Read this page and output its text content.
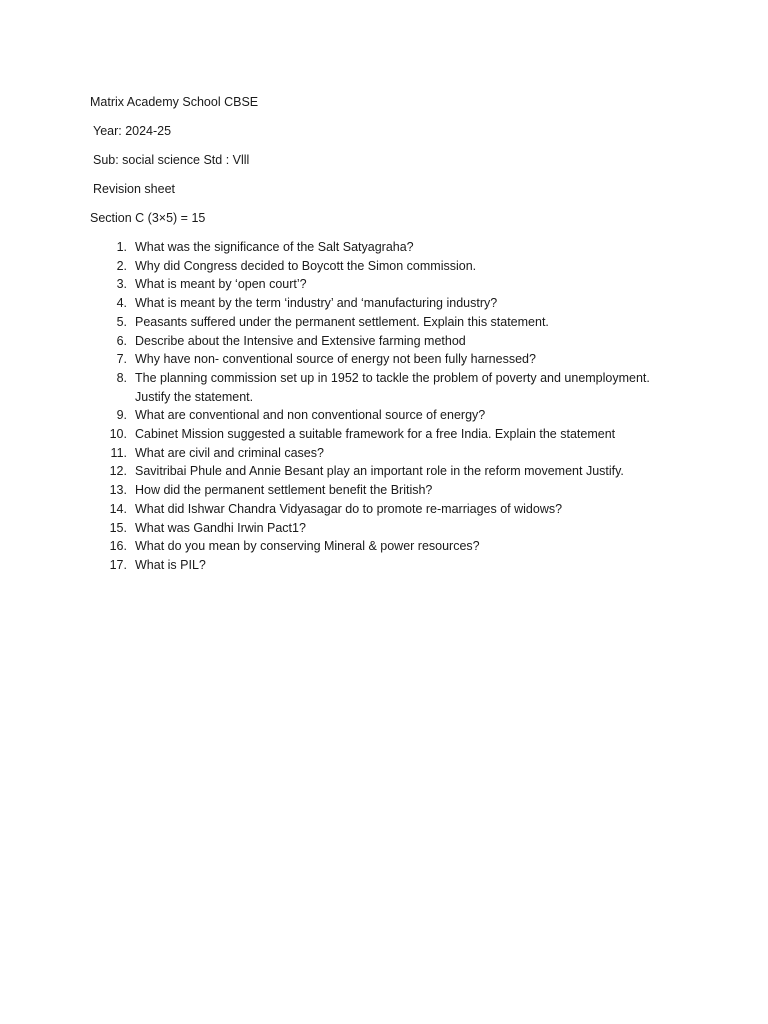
Matrix Academy School CBSE
Year: 2024-25
Sub: social science Std : Vlll
Revision sheet
Section C (3×5) = 15
1. What was the significance of the Salt Satyagraha?
2. Why did Congress decided to Boycott the Simon commission.
3. What is meant by ‘open court’?
4. What is meant by the term ‘industry’ and ‘manufacturing industry?
5. Peasants suffered under the permanent settlement. Explain this statement.
6. Describe about the Intensive and Extensive farming method
7. Why have non- conventional source of energy not been fully harnessed?
8. The planning commission set up in 1952 to tackle the problem of poverty and unemployment.
Justify the statement.
9. What are conventional and non conventional source of energy?
10. Cabinet Mission suggested a suitable framework for a free India. Explain the statement
11. What are civil and criminal cases?
12. Savitribai Phule and Annie Besant play an important role in the reform movement Justify.
13. How did the permanent settlement benefit the British?
14. What did Ishwar Chandra Vidyasagar do to promote re-marriages of widows?
15. What was Gandhi Irwin Pact1?
16. What do you mean by conserving Mineral & power resources?
17. What is PIL?
